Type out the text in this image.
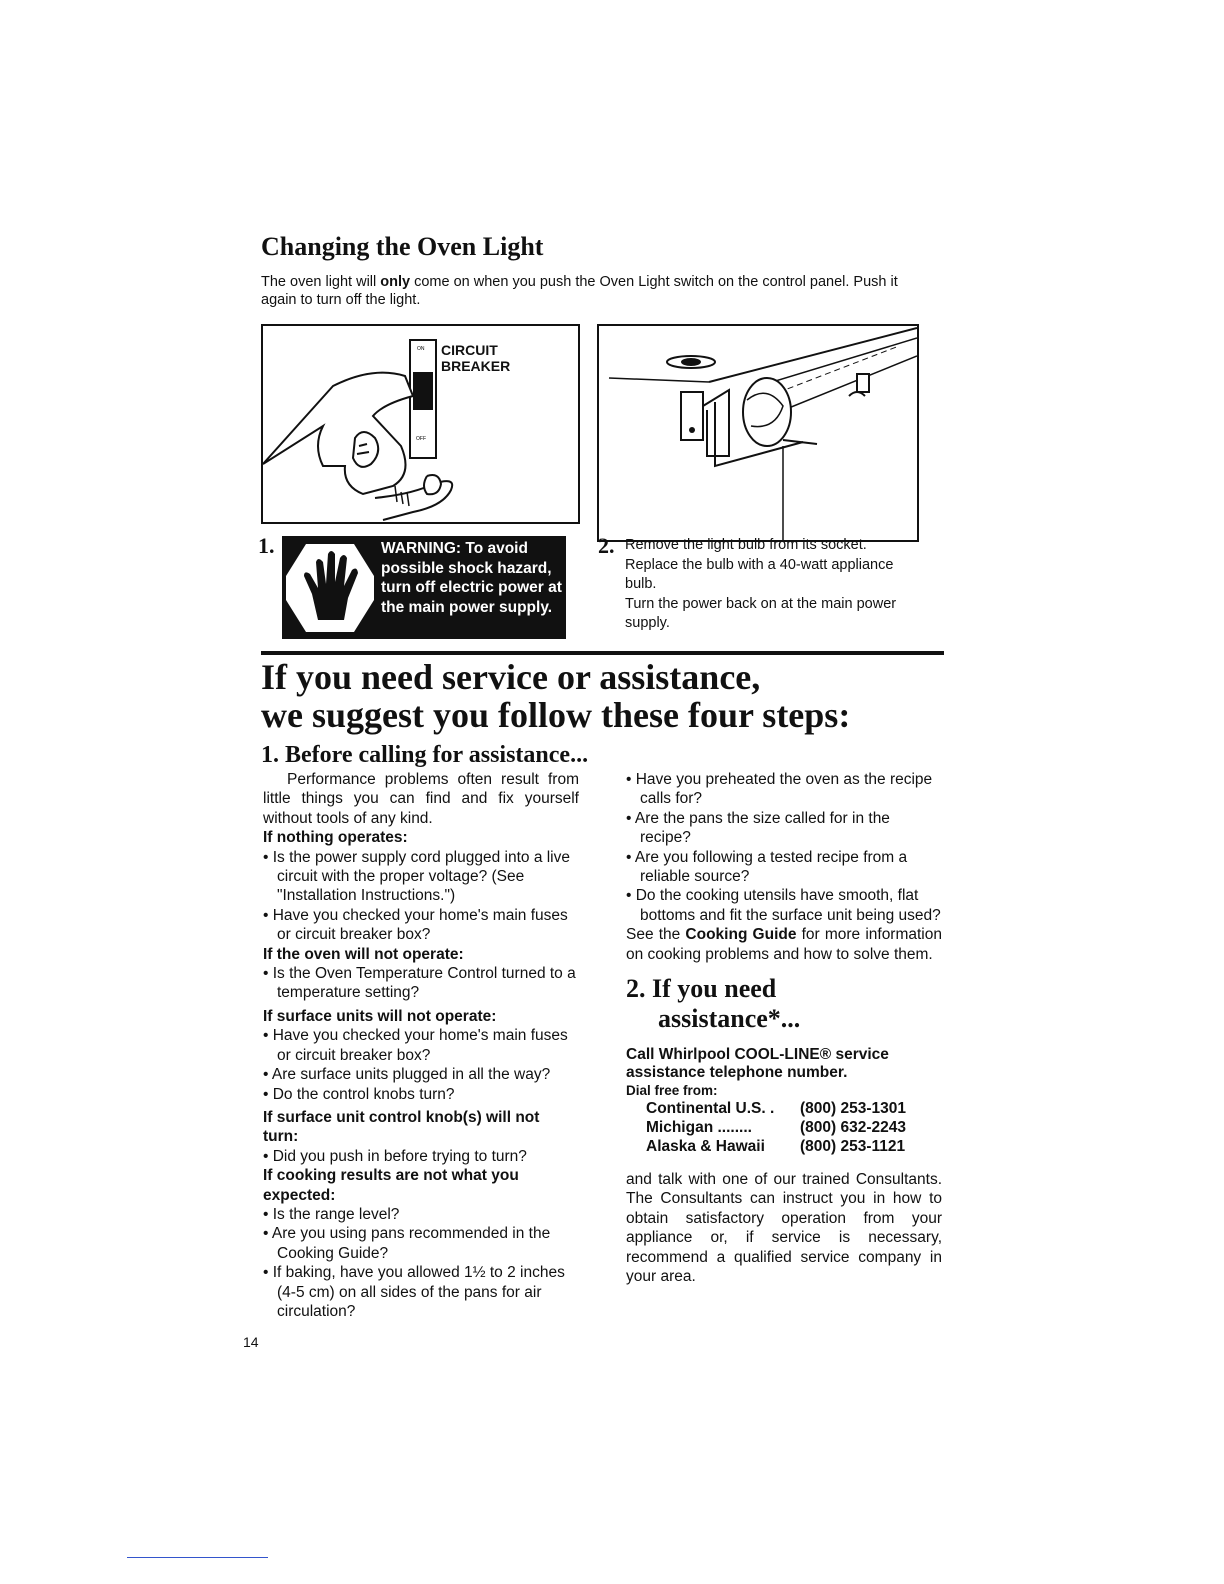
Changing the Oven Light
The oven light will only come on when you push the Oven Light switch on the control panel. Push it again to turn off the light.
ON
OFF
CIRCUIT
BREAKER
1.	WARNING: To avoid possible shock hazard, turn off electric power at the main power supply.
2. Remove the light bulb from its socket. Replace the bulb with a 40-watt appliance bulb.
Turn the power back on at the main power supply.
If you need service or assistance,
we suggest you follow these four steps:
1. Before calling for assistance...

Performance problems often result from little things you can find and fix yourself without tools of any kind.

If nothing operates:

• Is the power supply cord plugged into a live circuit with the proper voltage? (See "Installation Instructions.")

• Have you checked your home's main fuses or circuit breaker box?

If the oven will not operate:

• Is the Oven Temperature Control turned to a temperature setting?

If surface units will not operate:

• Have you checked your home's main fuses or circuit breaker box?

• Are surface units plugged in all the way?

• Do the control knobs turn?

If surface unit control knob(s) will not turn:

• Did you push in before trying to turn?

If cooking results are not what you expected:

• Is the range level?

• Are you using pans recommended in the Cooking Guide?

• If baking, have you allowed 1½ to 2 inches (4-5 cm) on all sides of the pans for air circulation?

14

• Have you preheated the oven as the recipe calls for?

• Are the pans the size called for in the recipe?

• Are you following a tested recipe from a reliable source?

• Do the cooking utensils have smooth, flat bottoms and fit the surface unit being used?

See the Cooking Guide for more information on cooking problems and how to solve them.

2. If you need
assistance*...

Call Whirlpool COOL-LINE® service assistance telephone number.

Dial free from:

Continental U.S. .	(800) 253-1301
Michigan ........	(800) 632-2243
Alaska & Hawaii	(800) 253-1121

and talk with one of our trained Consultants. The Consultants can instruct you in how to obtain satisfactory operation from your appliance or, if service is necessary, recommend a qualified service company in your area.
